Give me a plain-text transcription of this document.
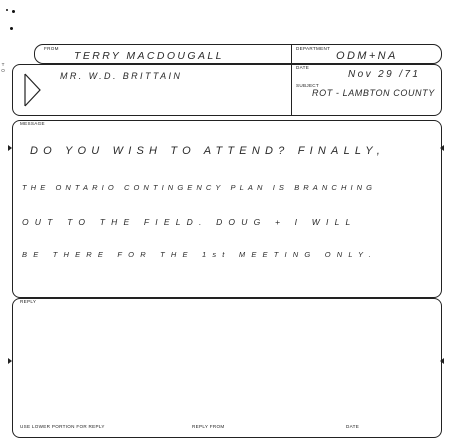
FROM
TERRY MACDOUGALL
DEPARTMENT
ODM+NA
T
O
MR. W.D. BRITTAIN
DATE
Nov 29 /71
SUBJECT
ROT - LAMBTON COUNTY
MESSAGE
DO YOU WISH TO ATTEND? FINALLY,
THE ONTARIO CONTINGENCY PLAN IS BRANCHING
OUT TO THE FIELD. DOUG + I WILL
BE THERE FOR THE 1st MEETING ONLY.
REPLY
USE LOWER PORTION FOR REPLY	REPLY FROM	DATE
